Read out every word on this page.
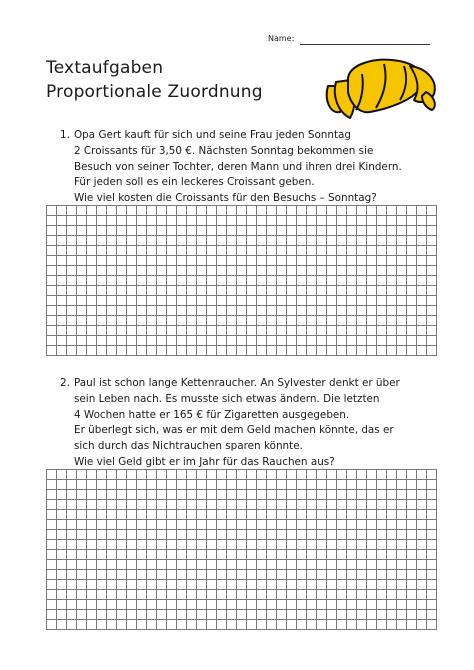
Name:
Textaufgaben
Proportionale Zuordnung
1. Opa Gert kauft für sich und seine Frau jeden Sonntag
2 Croissants für 3,50 €. Nächsten Sonntag bekommen sie
Besuch von seiner Tochter, deren Mann und ihren drei Kindern.
Für jeden soll es ein leckeres Croissant geben.
Wie viel kosten die Croissants für den Besuchs – Sonntag?
2. Paul ist schon lange Kettenraucher. An Sylvester denkt er über
sein Leben nach. Es musste sich etwas ändern. Die letzten
4 Wochen hatte er 165 € für Zigaretten ausgegeben.
Er überlegt sich, was er mit dem Geld machen könnte, das er
sich durch das Nichtrauchen sparen könnte.
Wie viel Geld gibt er im Jahr für das Rauchen aus?
